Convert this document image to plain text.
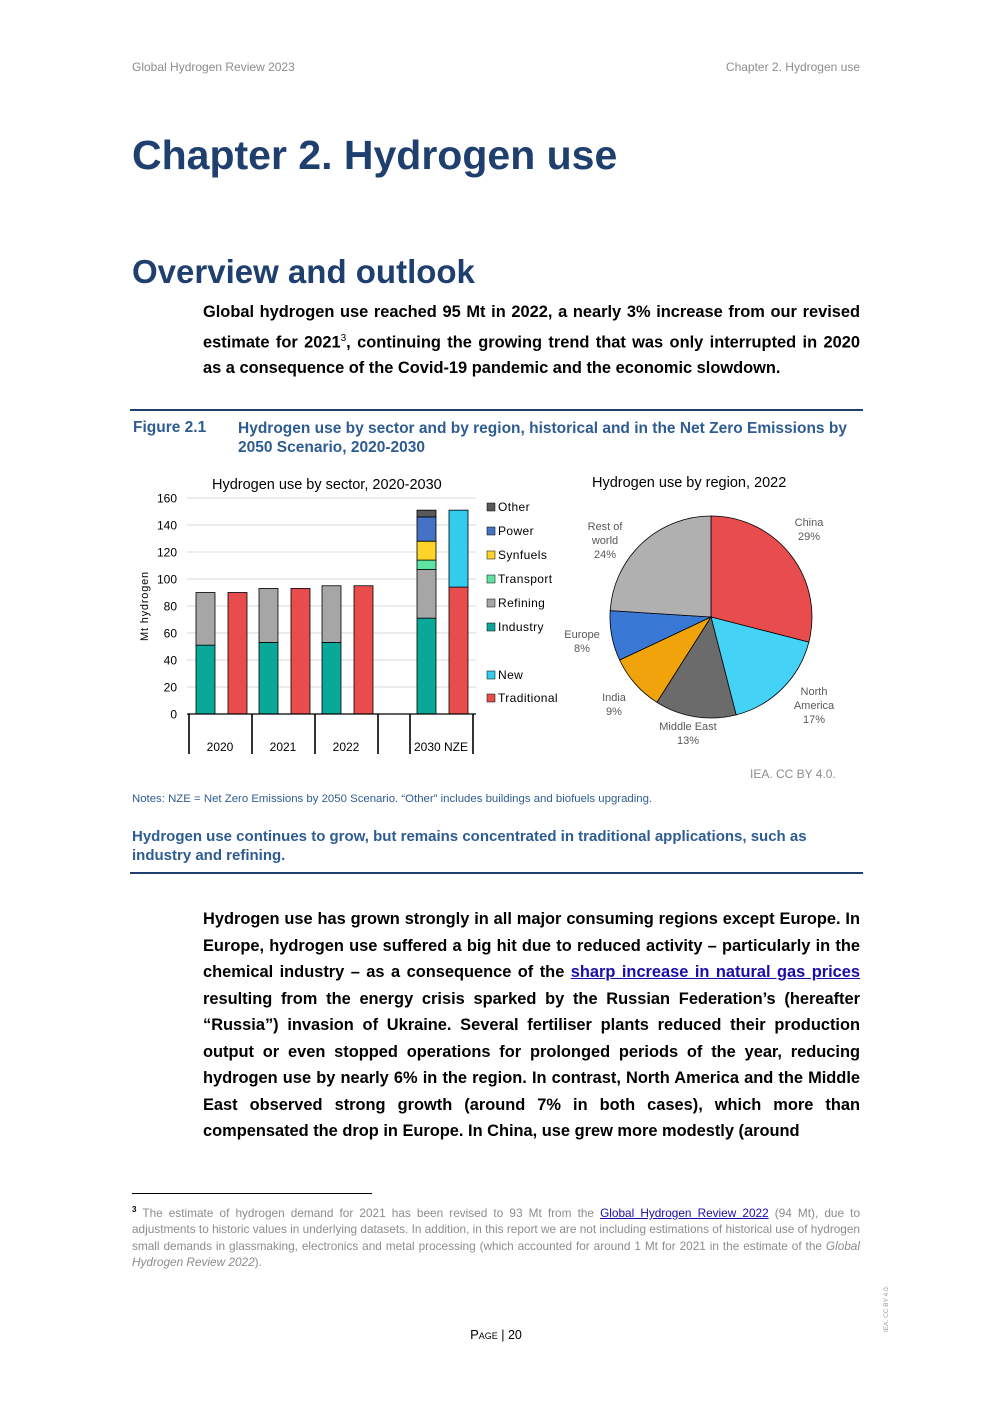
Global Hydrogen Review 2023	Chapter 2. Hydrogen use
Chapter 2. Hydrogen use
Overview and outlook
Global hydrogen use reached 95 Mt in 2022, a nearly 3% increase from our revised estimate for 2021$^3$, continuing the growing trend that was only interrupted in 2020 as a consequence of the Covid-19 pandemic and the economic slowdown.
Figure 2.1 Hydrogen use by sector and by region, historical and in the Net Zero Emissions by 2050 Scenario, 2020-2030
Hydrogen use by sector, 2020-2030
0
20
40
60
80
100
120
140
160
Mt hydrogen
2020	2021	2022	2030 NZE
Other
Power
Synfuels
Transport
Refining
Industry
New
Traditional
Hydrogen use by region, 2022
China 29%
North America 17%
Middle East 13%
India 9%
Europe 8%
Rest of world 24%
IEA. CC BY 4.0.
Notes: NZE = Net Zero Emissions by 2050 Scenario. “Other” includes buildings and biofuels upgrading.
Hydrogen use continues to grow, but remains concentrated in traditional applications, such as industry and refining.
Hydrogen use has grown strongly in all major consuming regions except Europe. In Europe, hydrogen use suffered a big hit due to reduced activity – particularly in the chemical industry – as a consequence of the sharp increase in natural gas prices resulting from the energy crisis sparked by the Russian Federation’s (hereafter “Russia”) invasion of Ukraine. Several fertiliser plants reduced their production output or even stopped operations for prolonged periods of the year, reducing hydrogen use by nearly 6% in the region. In contrast, North America and the Middle East observed strong growth (around 7% in both cases), which more than compensated the drop in Europe. In China, use grew more modestly (around
$^3$ The estimate of hydrogen demand for 2021 has been revised to 93 Mt from the Global Hydrogen Review 2022 (94 Mt), due to adjustments to historic values in underlying datasets. In addition, in this report we are not including estimations of historical use of hydrogen small demands in glassmaking, electronics and metal processing (which accounted for around 1 Mt for 2021 in the estimate of the Global Hydrogen Review 2022).
Page | 20
IEA. CC BY 4.0.
